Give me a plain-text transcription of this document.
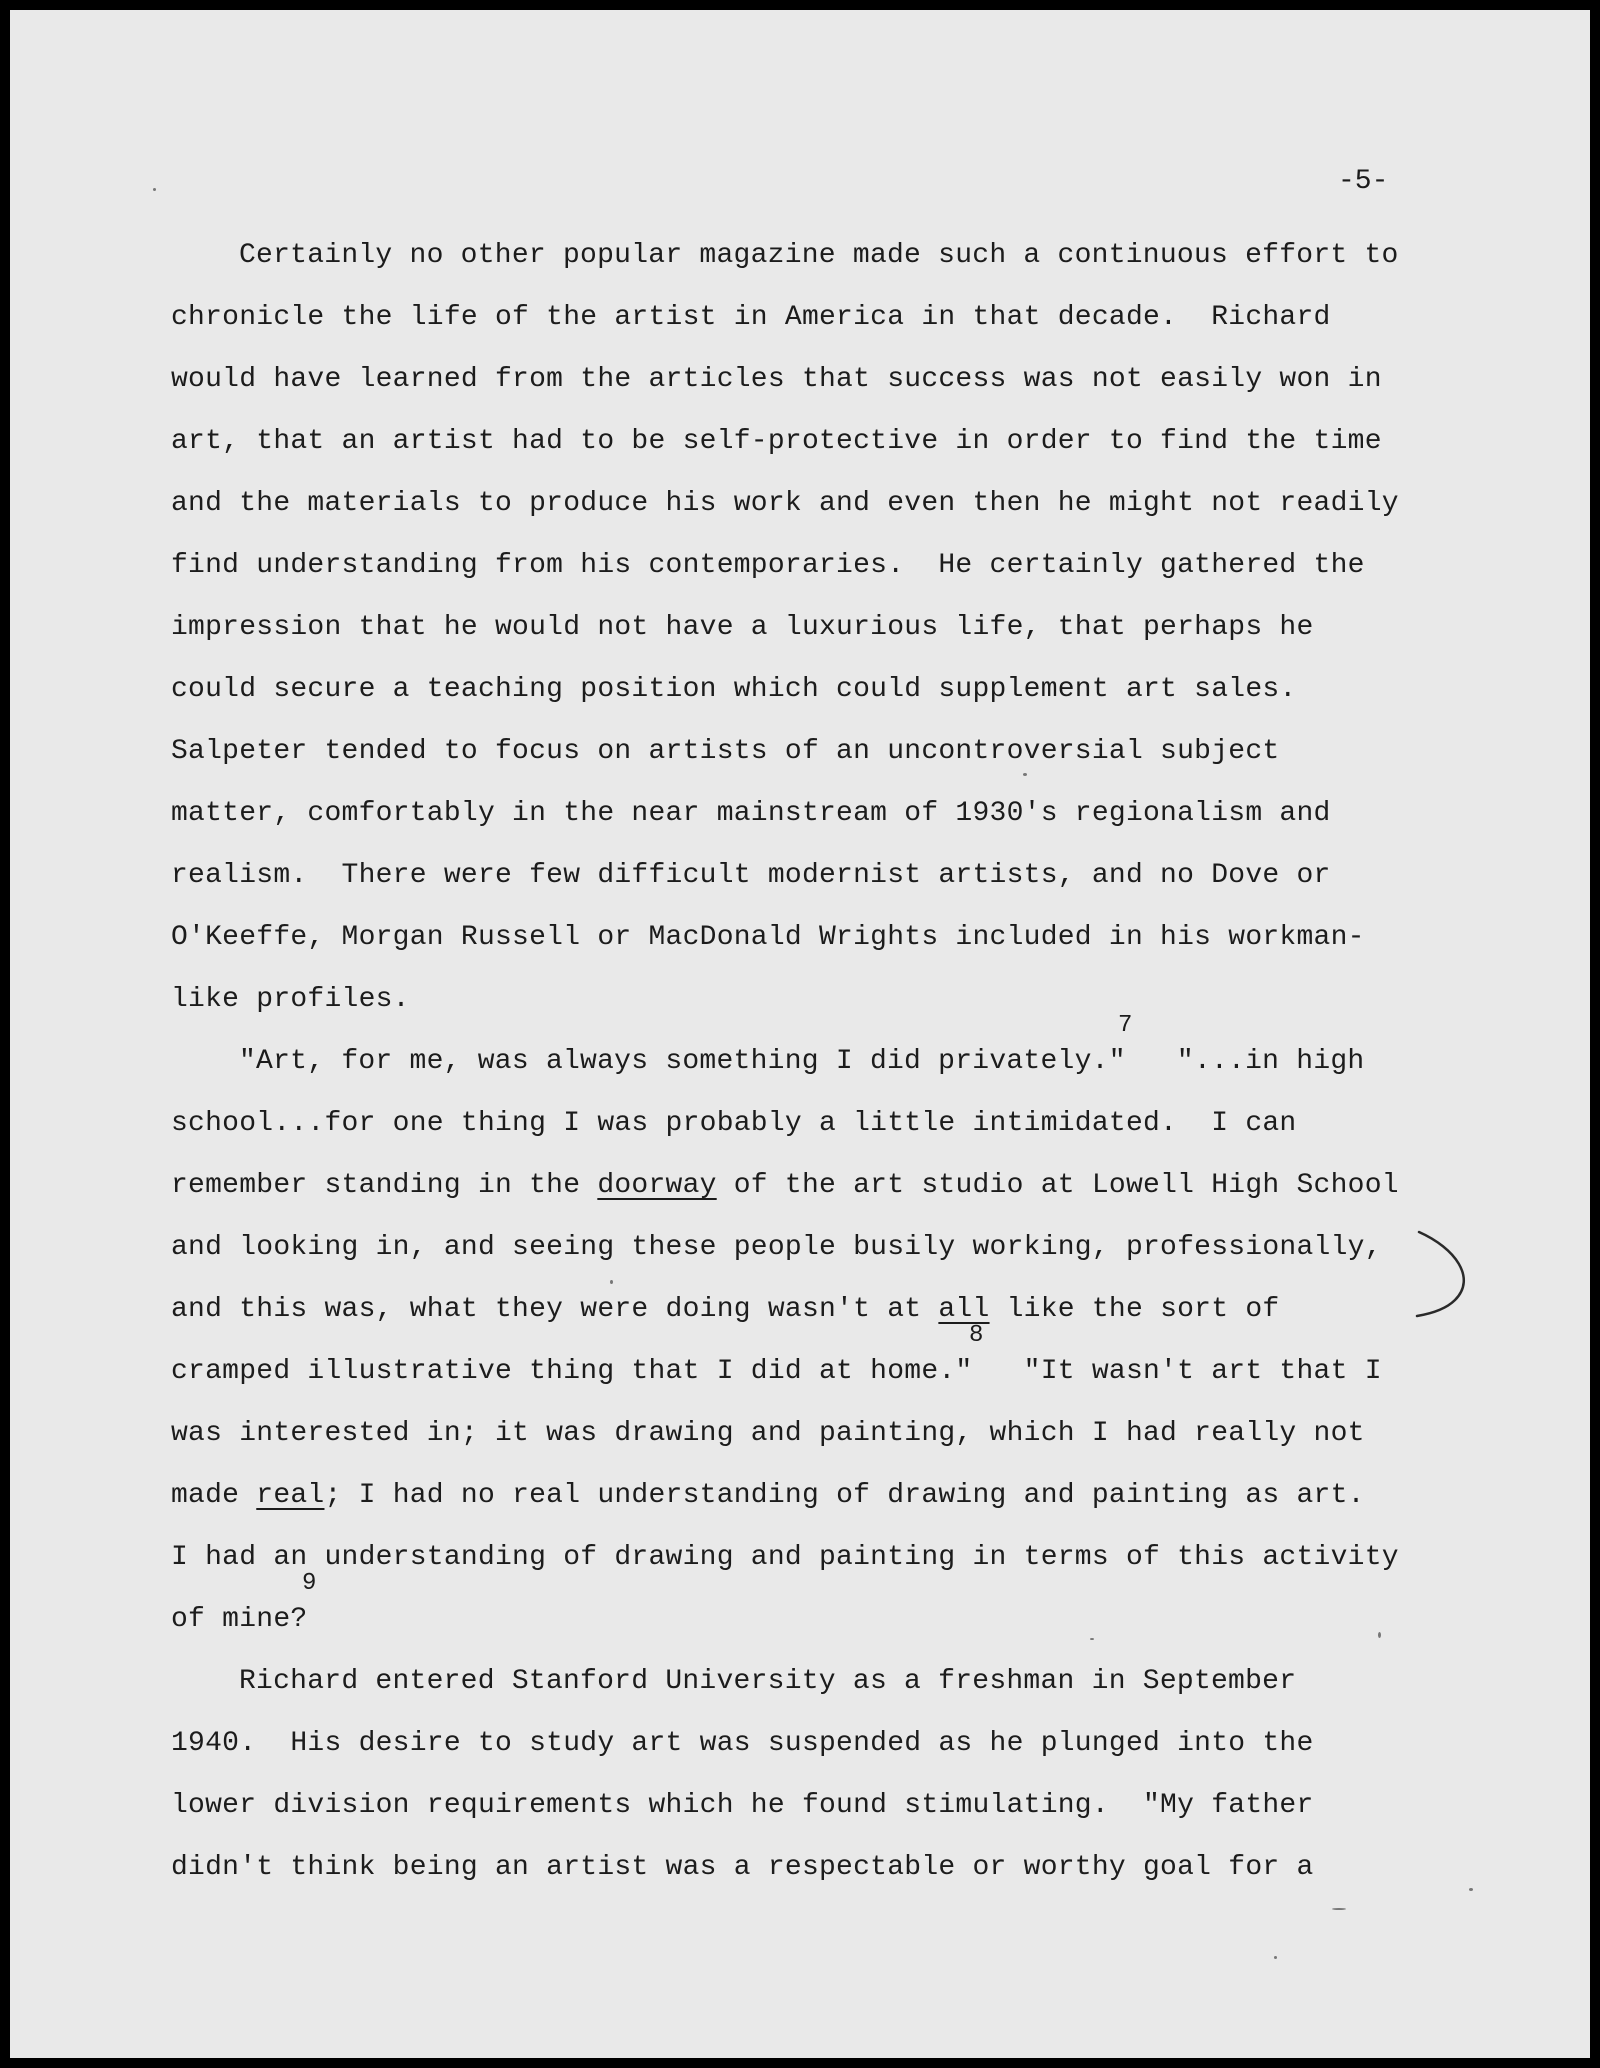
-5-
Certainly no other popular magazine made such a continuous effort to
chronicle the life of the artist in America in that decade.  Richard
would have learned from the articles that success was not easily won in
art, that an artist had to be self-protective in order to find the time
and the materials to produce his work and even then he might not readily
find understanding from his contemporaries.  He certainly gathered the
impression that he would not have a luxurious life, that perhaps he
could secure a teaching position which could supplement art sales.
Salpeter tended to focus on artists of an uncontroversial subject
matter, comfortably in the near mainstream of 1930's regionalism and
realism.  There were few difficult modernist artists, and no Dove or
O'Keeffe, Morgan Russell or MacDonald Wrights included in his workman-
like profiles.
7
"Art, for me, was always something I did privately."   "...in high
school...for one thing I was probably a little intimidated.  I can
remember standing in the doorway of the art studio at Lowell High School
and looking in, and seeing these people busily working, professionally,
and this was, what they were doing wasn't at all like the sort of
8
cramped illustrative thing that I did at home."   "It wasn't art that I
was interested in; it was drawing and painting, which I had really not
made real; I had no real understanding of drawing and painting as art.
I had an understanding of drawing and painting in terms of this activity
9
of mine?
Richard entered Stanford University as a freshman in September
1940.  His desire to study art was suspended as he plunged into the
lower division requirements which he found stimulating.  "My father
didn't think being an artist was a respectable or worthy goal for a
